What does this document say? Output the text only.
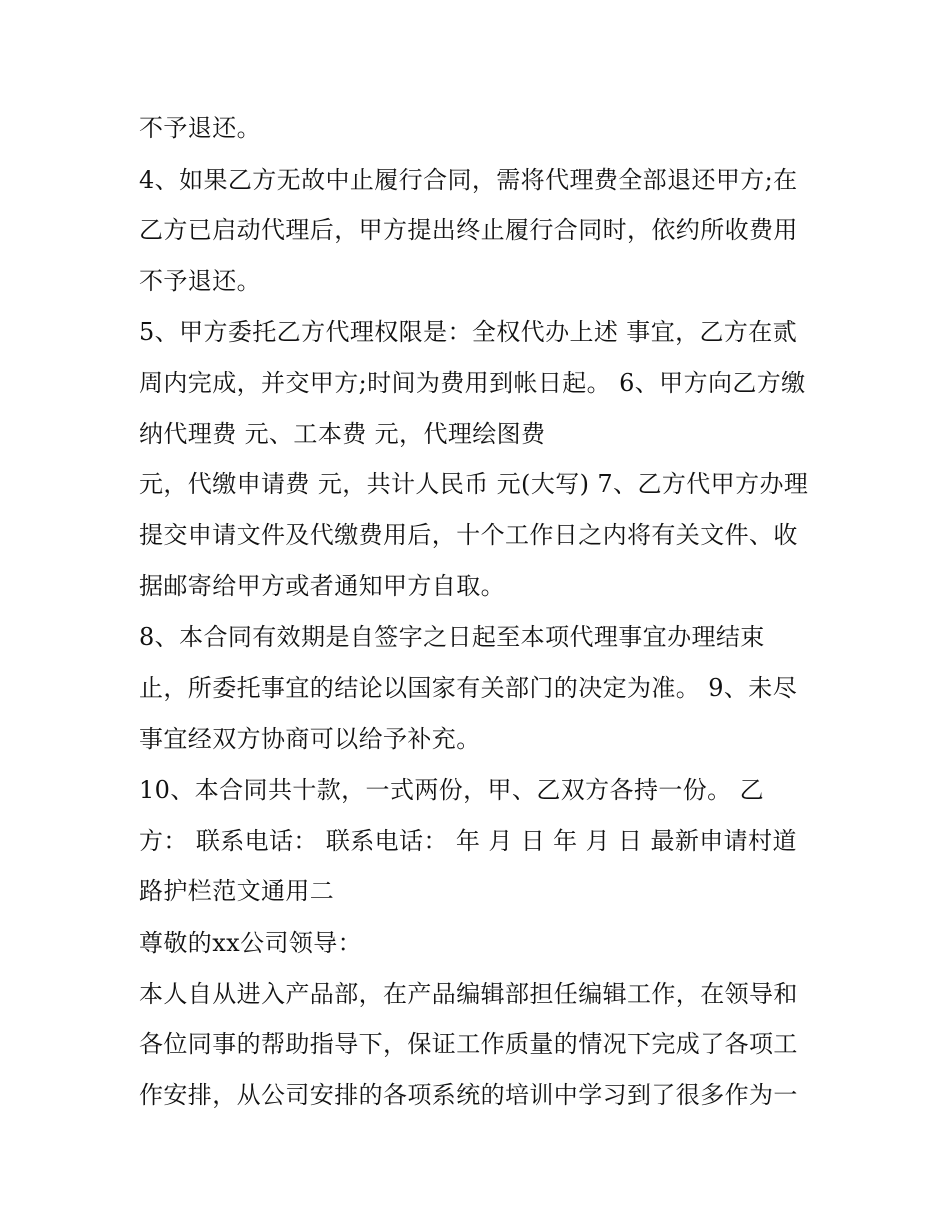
不予退还。
4、如果乙方无故中止履行合同，需将代理费全部退还甲方;在
乙方已启动代理后，甲方提出终止履行合同时，依约所收费用
不予退还。
5、甲方委托乙方代理权限是：全权代办上述 事宜，乙方在贰
周内完成，并交甲方;时间为费用到帐日起。 6、甲方向乙方缴
纳代理费 元、工本费 元，代理绘图费
元，代缴申请费 元，共计人民币 元(大写) 7、乙方代甲方办理
提交申请文件及代缴费用后，十个工作日之内将有关文件、收
据邮寄给甲方或者通知甲方自取。
8、本合同有效期是自签字之日起至本项代理事宜办理结束
止，所委托事宜的结论以国家有关部门的决定为准。 9、未尽
事宜经双方协商可以给予补充。
10、本合同共十款，一式两份，甲、乙双方各持一份。 乙
方： 联系电话： 联系电话： 年 月 日 年 月 日 最新申请村道
路护栏范文通用二
尊敬的xx公司领导：
本人自从进入产品部，在产品编辑部担任编辑工作，在领导和
各位同事的帮助指导下，保证工作质量的情况下完成了各项工
作安排，从公司安排的各项系统的培训中学习到了很多作为一
